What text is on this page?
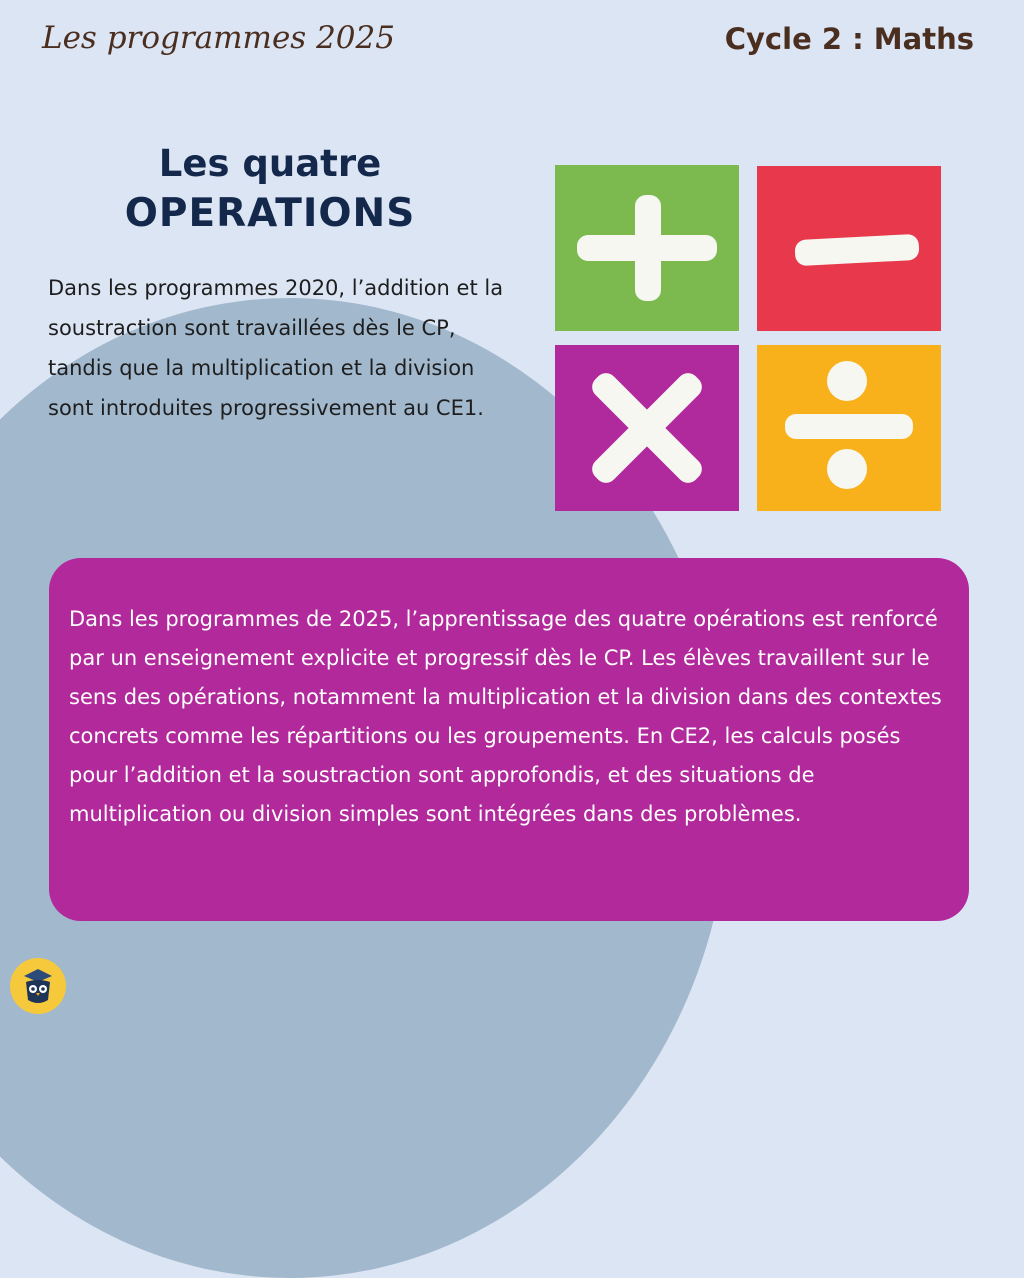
Les programmes 2025	Cycle 2 : Maths
Les quatre
OPERATIONS

Dans les programmes 2020, l’addition et la soustraction sont travaillées dès le CP, tandis que la multiplication et la division sont introduites progressivement au CE1.

Dans les programmes de 2025, l’apprentissage des quatre opérations est renforcé par un enseignement explicite et progressif dès le CP. Les élèves travaillent sur le sens des opérations, notamment la multiplication et la division dans des contextes concrets comme les répartitions ou les groupements. En CE2, les calculs posés pour l’addition et la soustraction sont approfondis, et des situations de multiplication ou division simples sont intégrées dans des problèmes.
